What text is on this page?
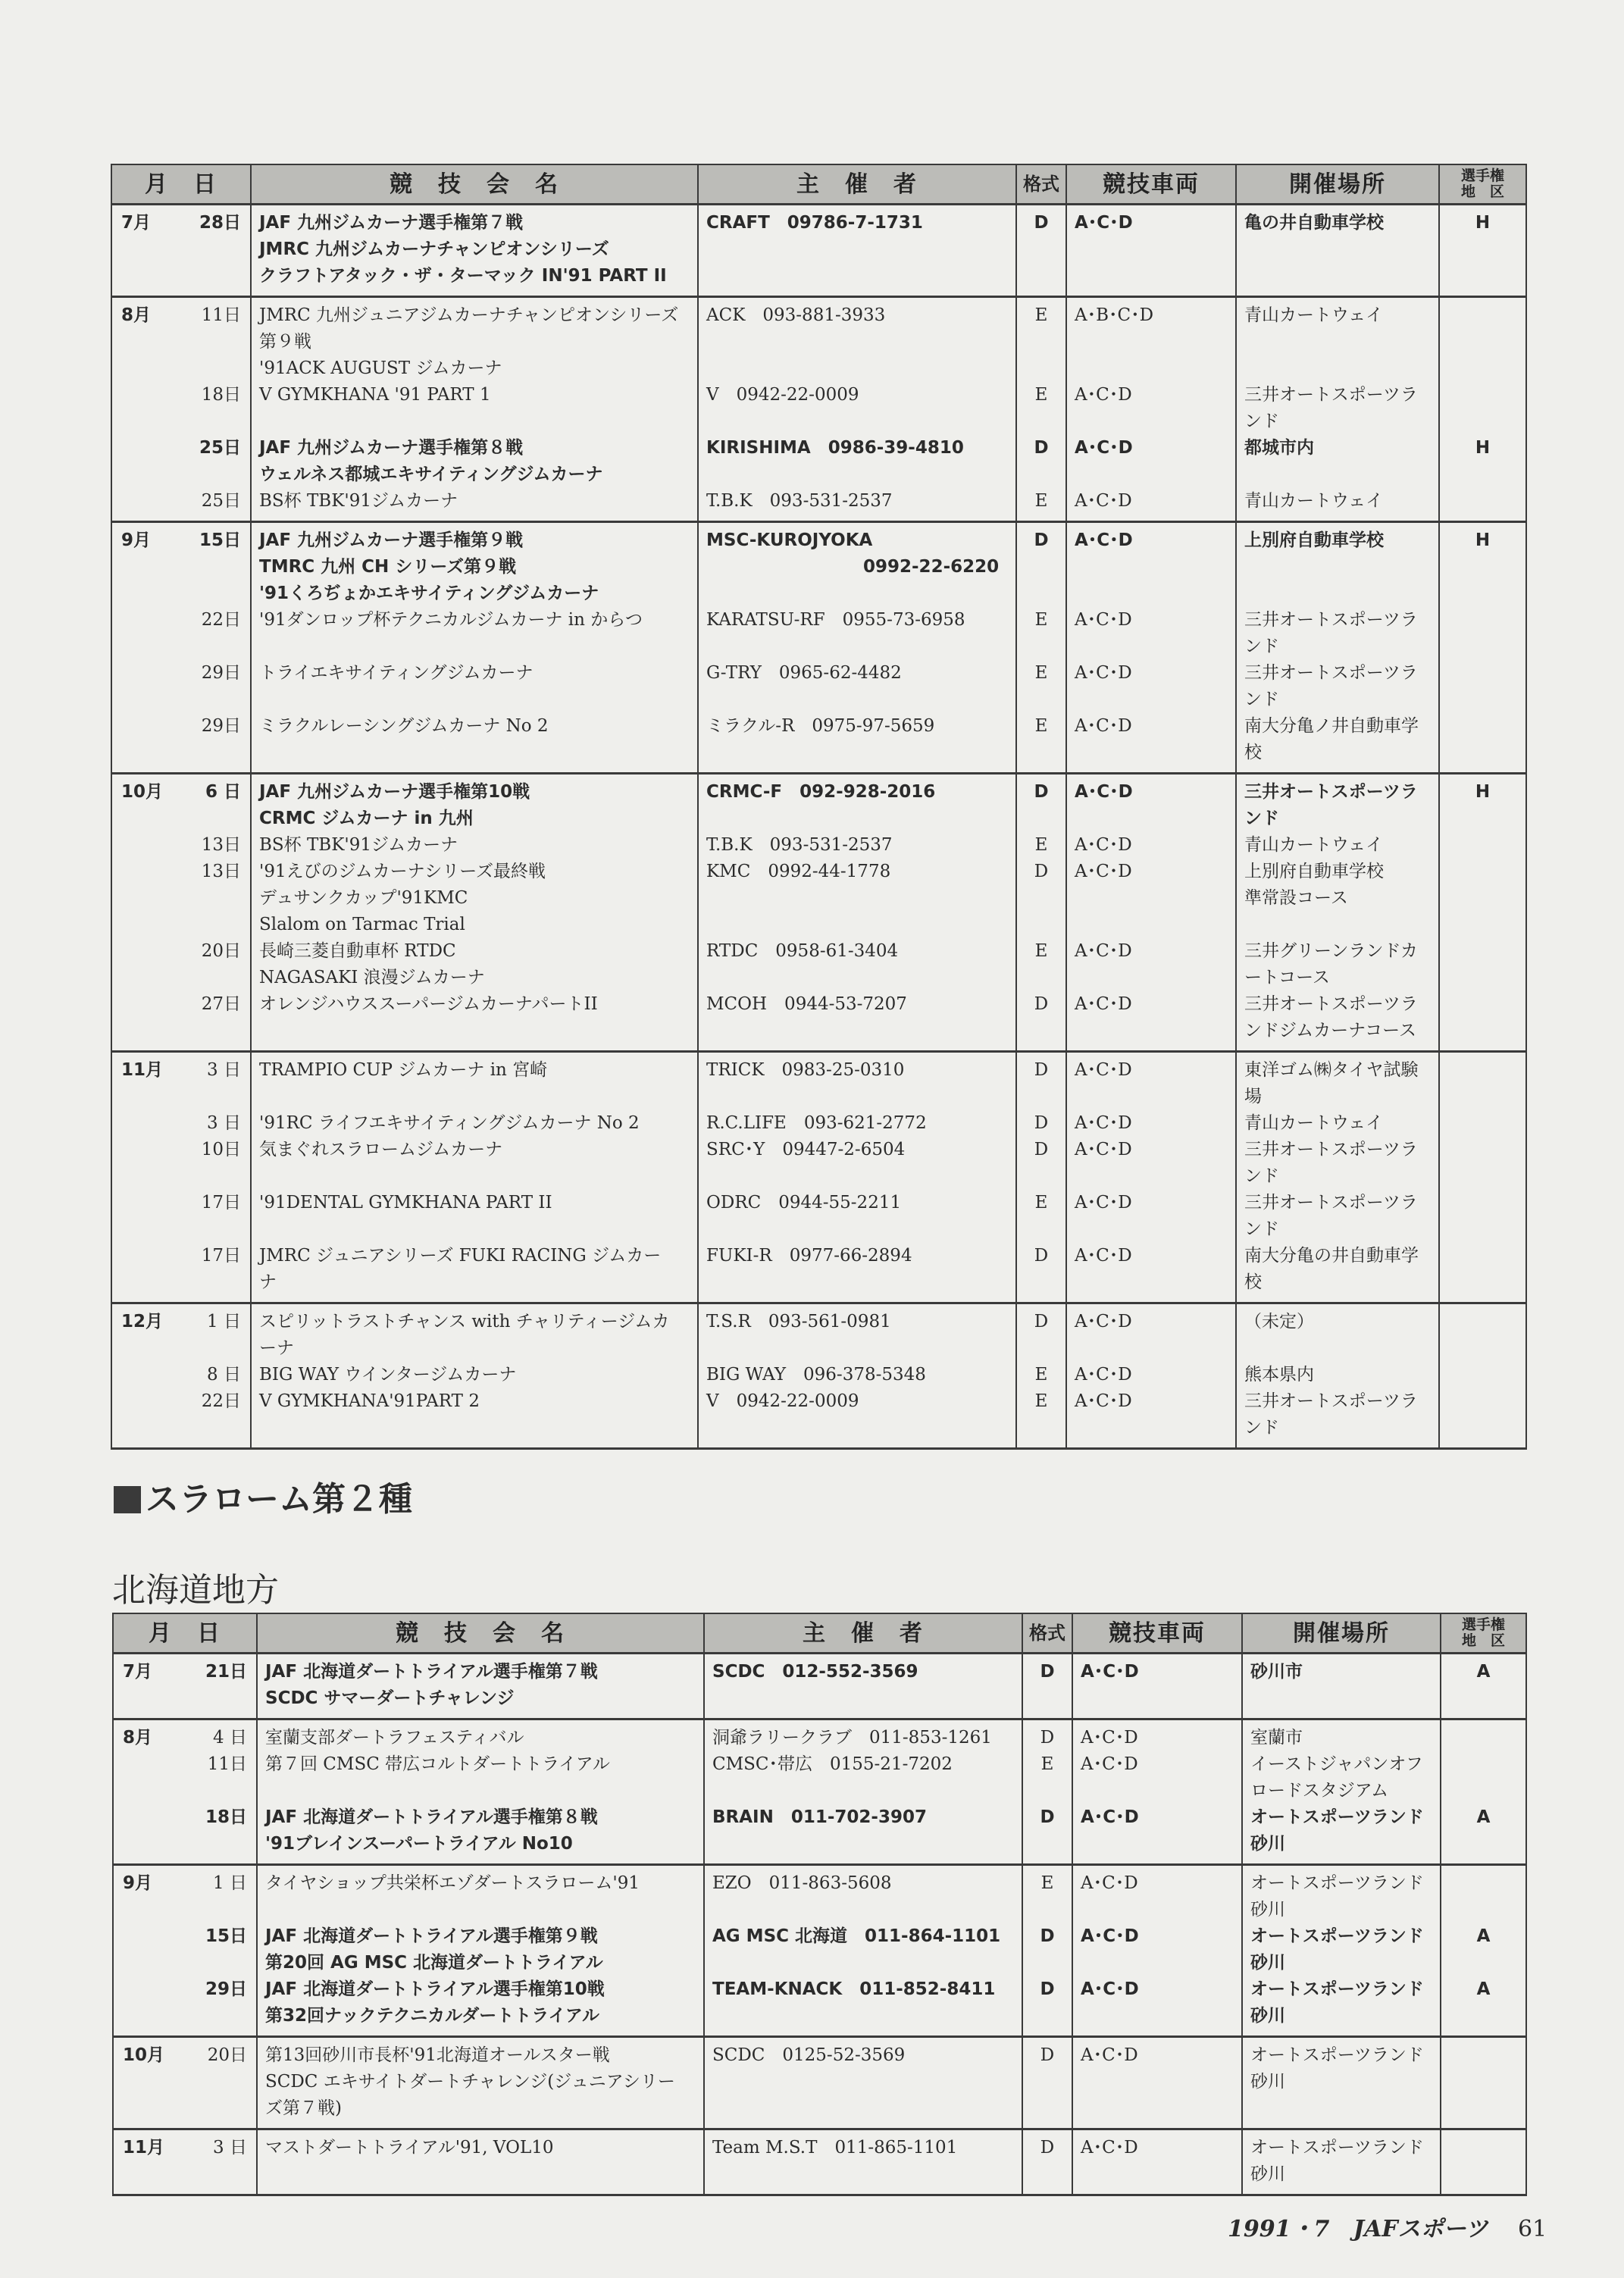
月　日	競　技　会　名	主　催　者	格式	競技車両	開催場所	選手権
地　区

7月 28日	JAF 九州ジムカーナ選手権第７戦
JMRC 九州ジムカーナチャンピオンシリーズ
クラフトアタック・ザ・ターマック IN'91 PART II	CRAFT　09786-7-1731	D	A･C･D	亀の井自動車学校	H

8月 11日	JMRC 九州ジュニアジムカーナチャンピオンシリーズ
第９戦
'91ACK AUGUST ジムカーナ	ACK　093-881-3933	E	A･B･C･D	青山カートウェイ	

18日	V GYMKHANA '91 PART 1	V　0942-22-0009	E	A･C･D	三井オートスポーツラ
ンド	

25日	JAF 九州ジムカーナ選手権第８戦
ウェルネス都城エキサイティングジムカーナ	KIRISHIMA　0986-39-4810	D	A･C･D	都城市内	H

25日	BS杯 TBK'91ジムカーナ	T.B.K　093-531-2537	E	A･C･D	青山カートウェイ	

9月 15日	JAF 九州ジムカーナ選手権第９戦
TMRC 九州 CH シリーズ第９戦
'91くろぢょかエキサイティングジムカーナ	MSC-KUROJYOKA
　　　　　　　　　0992-22-6220	D	A･C･D	上別府自動車学校	H

22日	'91ダンロップ杯テクニカルジムカーナ in からつ	KARATSU-RF　0955-73-6958	E	A･C･D	三井オートスポーツラ
ンド	

29日	トライエキサイティングジムカーナ	G-TRY　0965-62-4482	E	A･C･D	三井オートスポーツラ
ンド	

29日	ミラクルレーシングジムカーナ No 2	ミラクル-R　0975-97-5659	E	A･C･D	南大分亀ノ井自動車学
校	

10月 6 日	JAF 九州ジムカーナ選手権第10戦
CRMC ジムカーナ in 九州	CRMC-F　092-928-2016	D	A･C･D	三井オートスポーツラ
ンド	H

13日	BS杯 TBK'91ジムカーナ	T.B.K　093-531-2537	E	A･C･D	青山カートウェイ	

13日	'91えびのジムカーナシリーズ最終戦
デュサンクカップ'91KMC
Slalom on Tarmac Trial	KMC　0992-44-1778	D	A･C･D	上別府自動車学校
準常設コース	

20日	長崎三菱自動車杯 RTDC
NAGASAKI 浪漫ジムカーナ	RTDC　0958-61-3404	E	A･C･D	三井グリーンランドカ
ートコース	

27日	オレンジハウススーパージムカーナパートII	MCOH　0944-53-7207	D	A･C･D	三井オートスポーツラ
ンドジムカーナコース	

11月 3 日	TRAMPIO CUP ジムカーナ in 宮崎	TRICK　0983-25-0310	D	A･C･D	東洋ゴム㈱タイヤ試験
場	

3 日	'91RC ライフエキサイティングジムカーナ No 2	R.C.LIFE　093-621-2772	D	A･C･D	青山カートウェイ	

10日	気まぐれスラロームジムカーナ	SRC･Y　09447-2-6504	D	A･C･D	三井オートスポーツラ
ンド	

17日	'91DENTAL GYMKHANA PART II	ODRC　0944-55-2211	E	A･C･D	三井オートスポーツラ
ンド	

17日	JMRC ジュニアシリーズ FUKI RACING ジムカー
ナ	FUKI-R　0977-66-2894	D	A･C･D	南大分亀の井自動車学
校	

12月 1 日	スピリットラストチャンス with チャリティージムカ
ーナ	T.S.R　093-561-0981	D	A･C･D	（未定）	

8 日	BIG WAY ウインタージムカーナ	BIG WAY　096-378-5348	E	A･C･D	熊本県内	

22日	V GYMKHANA'91PART 2	V　0942-22-0009	E	A･C･D	三井オートスポーツラ
ンド	

スラローム第２種
北海道地方
月　日	競　技　会　名	主　催　者	格式	競技車両	開催場所	選手権
地　区

7月 21日	JAF 北海道ダートトライアル選手権第７戦
SCDC サマーダートチャレンジ	SCDC　012-552-3569	D	A･C･D	砂川市	A

8月 4 日	室蘭支部ダートラフェスティバル	洞爺ラリークラブ　011-853-1261	D	A･C･D	室蘭市	

11日	第７回 CMSC 帯広コルトダートトライアル	CMSC･帯広　0155-21-7202	E	A･C･D	イーストジャパンオフ
ロードスタジアム	

18日	JAF 北海道ダートトライアル選手権第８戦
'91ブレインスーパートライアル No10	BRAIN　011-702-3907	D	A･C･D	オートスポーツランド
砂川	A

9月 1 日	タイヤショップ共栄杯エゾダートスラローム'91	EZO　011-863-5608	E	A･C･D	オートスポーツランド
砂川	

15日	JAF 北海道ダートトライアル選手権第９戦
第20回 AG MSC 北海道ダートトライアル	AG MSC 北海道　011-864-1101	D	A･C･D	オートスポーツランド
砂川	A

29日	JAF 北海道ダートトライアル選手権第10戦
第32回ナックテクニカルダートトライアル	TEAM-KNACK　011-852-8411	D	A･C･D	オートスポーツランド
砂川	A

10月 20日	第13回砂川市長杯'91北海道オールスター戦
SCDC エキサイトダートチャレンジ(ジュニアシリー
ズ第７戦)	SCDC　0125-52-3569	D	A･C･D	オートスポーツランド
砂川	

11月 3 日	マストダートトライアル'91, VOL10	Team M.S.T　011-865-1101	D	A･C･D	オートスポーツランド
砂川	

1991・7 JAFスポーツ 61
